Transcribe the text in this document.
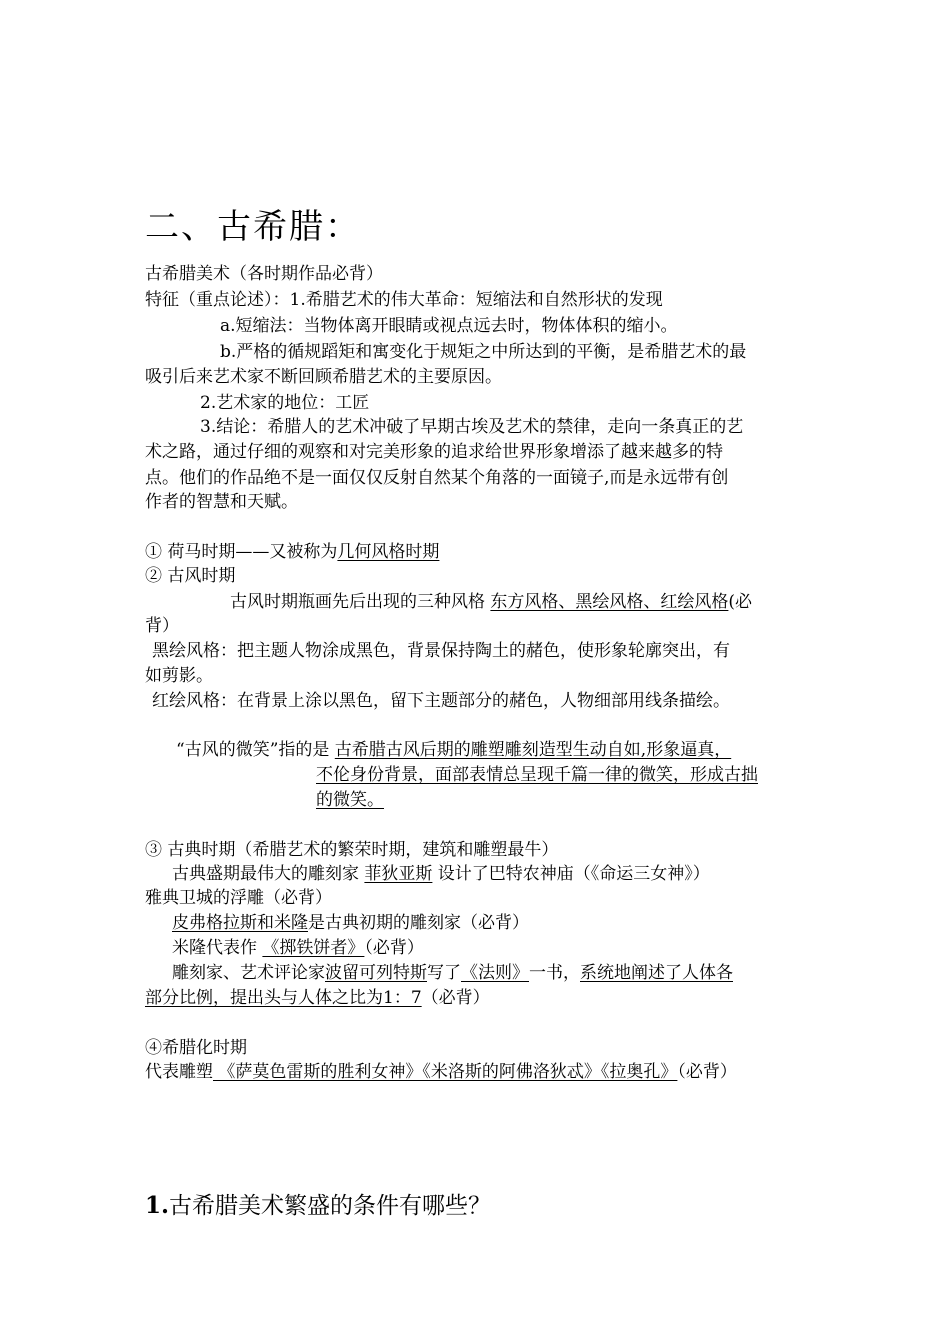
二、古希腊：
古希腊美术（各时期作品必背）
特征（重点论述）：1.希腊艺术的伟大革命：短缩法和自然形状的发现
a.短缩法：当物体离开眼睛或视点远去时，物体体积的缩小。
b.严格的循规蹈矩和寓变化于规矩之中所达到的平衡，是希腊艺术的最
吸引后来艺术家不断回顾希腊艺术的主要原因。
2.艺术家的地位：工匠
3.结论：希腊人的艺术冲破了早期古埃及艺术的禁律，走向一条真正的艺
术之路，通过仔细的观察和对完美形象的追求给世界形象增添了越来越多的特
点。他们的作品绝不是一面仅仅反射自然某个角落的一面镜子,而是永远带有创
作者的智慧和天赋。
① 荷马时期——又被称为几何风格时期
② 古风时期
古风时期瓶画先后出现的三种风格 东方风格、黑绘风格、红绘风格(必
背）
黑绘风格：把主题人物涂成黑色，背景保持陶土的赭色，使形象轮廓突出，有
如剪影。
红绘风格：在背景上涂以黑色，留下主题部分的赭色，人物细部用线条描绘。
“古风的微笑”指的是 古希腊古风后期的雕塑雕刻造型生动自如,形象逼真，
不伦身份背景，面部表情总呈现千篇一律的微笑，形成古拙
的微笑。
③ 古典时期（希腊艺术的繁荣时期，建筑和雕塑最牛）
古典盛期最伟大的雕刻家 菲狄亚斯 设计了巴特农神庙（《命运三女神》）
雅典卫城的浮雕（必背）
皮弗格拉斯和米隆是古典初期的雕刻家（必背）
米隆代表作 《掷铁饼者》（必背）
雕刻家、艺术评论家波留可列特斯写了《法则》一书，系统地阐述了人体各
部分比例，提出头与人体之比为1：7（必背）
④希腊化时期
代表雕塑 《萨莫色雷斯的胜利女神》《米洛斯的阿佛洛狄忒》《拉奥孔》（必背）
1.古希腊美术繁盛的条件有哪些？
